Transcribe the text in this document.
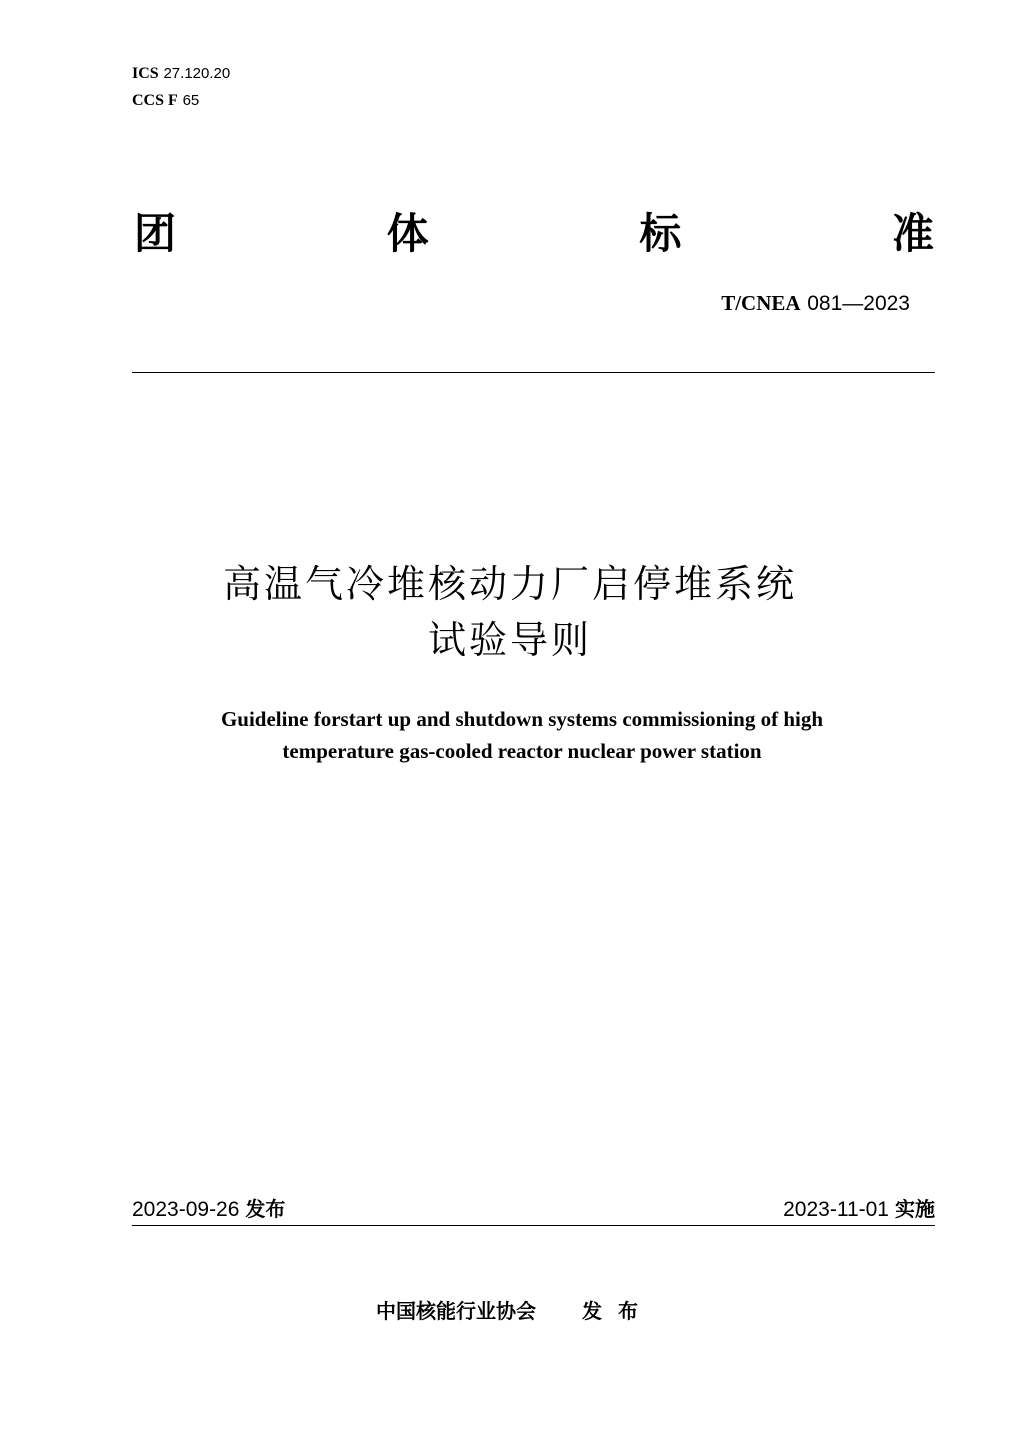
ICS 27.120.20
CCS F 65
团	体	标	准
T/CNEA 081—2023
高温气冷堆核动力厂启停堆系统
试验导则
Guideline forstart up and shutdown systems commissioning of high
temperature gas-cooled reactor nuclear power station
2023-09-26 发布	2023-11-01 实施
中国核能行业协会 发布
